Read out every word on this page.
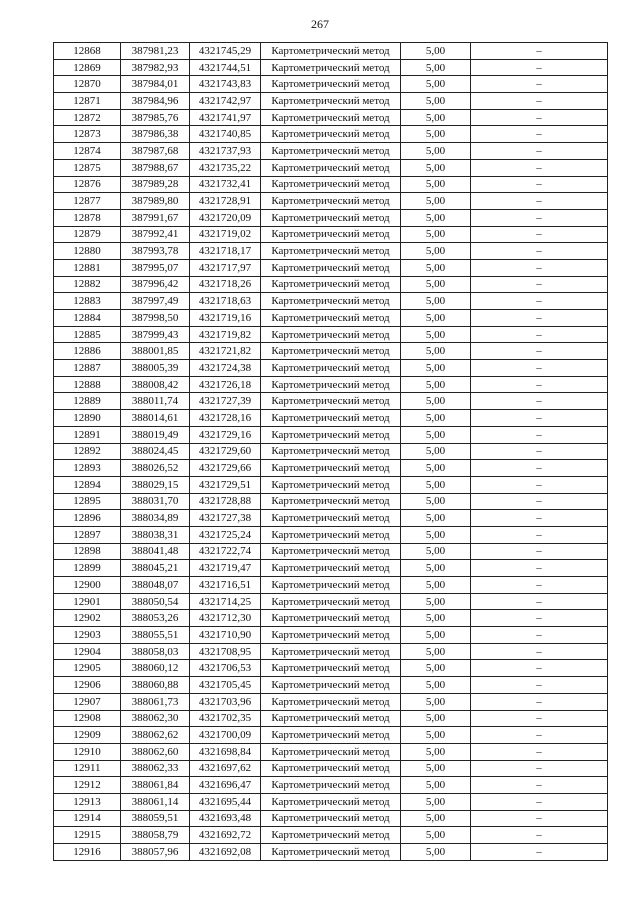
267
12868	387981,23	4321745,29	Картометрический метод	5,00	–
12869	387982,93	4321744,51	Картометрический метод	5,00	–
12870	387984,01	4321743,83	Картометрический метод	5,00	–
12871	387984,96	4321742,97	Картометрический метод	5,00	–
12872	387985,76	4321741,97	Картометрический метод	5,00	–
12873	387986,38	4321740,85	Картометрический метод	5,00	–
12874	387987,68	4321737,93	Картометрический метод	5,00	–
12875	387988,67	4321735,22	Картометрический метод	5,00	–
12876	387989,28	4321732,41	Картометрический метод	5,00	–
12877	387989,80	4321728,91	Картометрический метод	5,00	–
12878	387991,67	4321720,09	Картометрический метод	5,00	–
12879	387992,41	4321719,02	Картометрический метод	5,00	–
12880	387993,78	4321718,17	Картометрический метод	5,00	–
12881	387995,07	4321717,97	Картометрический метод	5,00	–
12882	387996,42	4321718,26	Картометрический метод	5,00	–
12883	387997,49	4321718,63	Картометрический метод	5,00	–
12884	387998,50	4321719,16	Картометрический метод	5,00	–
12885	387999,43	4321719,82	Картометрический метод	5,00	–
12886	388001,85	4321721,82	Картометрический метод	5,00	–
12887	388005,39	4321724,38	Картометрический метод	5,00	–
12888	388008,42	4321726,18	Картометрический метод	5,00	–
12889	388011,74	4321727,39	Картометрический метод	5,00	–
12890	388014,61	4321728,16	Картометрический метод	5,00	–
12891	388019,49	4321729,16	Картометрический метод	5,00	–
12892	388024,45	4321729,60	Картометрический метод	5,00	–
12893	388026,52	4321729,66	Картометрический метод	5,00	–
12894	388029,15	4321729,51	Картометрический метод	5,00	–
12895	388031,70	4321728,88	Картометрический метод	5,00	–
12896	388034,89	4321727,38	Картометрический метод	5,00	–
12897	388038,31	4321725,24	Картометрический метод	5,00	–
12898	388041,48	4321722,74	Картометрический метод	5,00	–
12899	388045,21	4321719,47	Картометрический метод	5,00	–
12900	388048,07	4321716,51	Картометрический метод	5,00	–
12901	388050,54	4321714,25	Картометрический метод	5,00	–
12902	388053,26	4321712,30	Картометрический метод	5,00	–
12903	388055,51	4321710,90	Картометрический метод	5,00	–
12904	388058,03	4321708,95	Картометрический метод	5,00	–
12905	388060,12	4321706,53	Картометрический метод	5,00	–
12906	388060,88	4321705,45	Картометрический метод	5,00	–
12907	388061,73	4321703,96	Картометрический метод	5,00	–
12908	388062,30	4321702,35	Картометрический метод	5,00	–
12909	388062,62	4321700,09	Картометрический метод	5,00	–
12910	388062,60	4321698,84	Картометрический метод	5,00	–
12911	388062,33	4321697,62	Картометрический метод	5,00	–
12912	388061,84	4321696,47	Картометрический метод	5,00	–
12913	388061,14	4321695,44	Картометрический метод	5,00	–
12914	388059,51	4321693,48	Картометрический метод	5,00	–
12915	388058,79	4321692,72	Картометрический метод	5,00	–
12916	388057,96	4321692,08	Картометрический метод	5,00	–
